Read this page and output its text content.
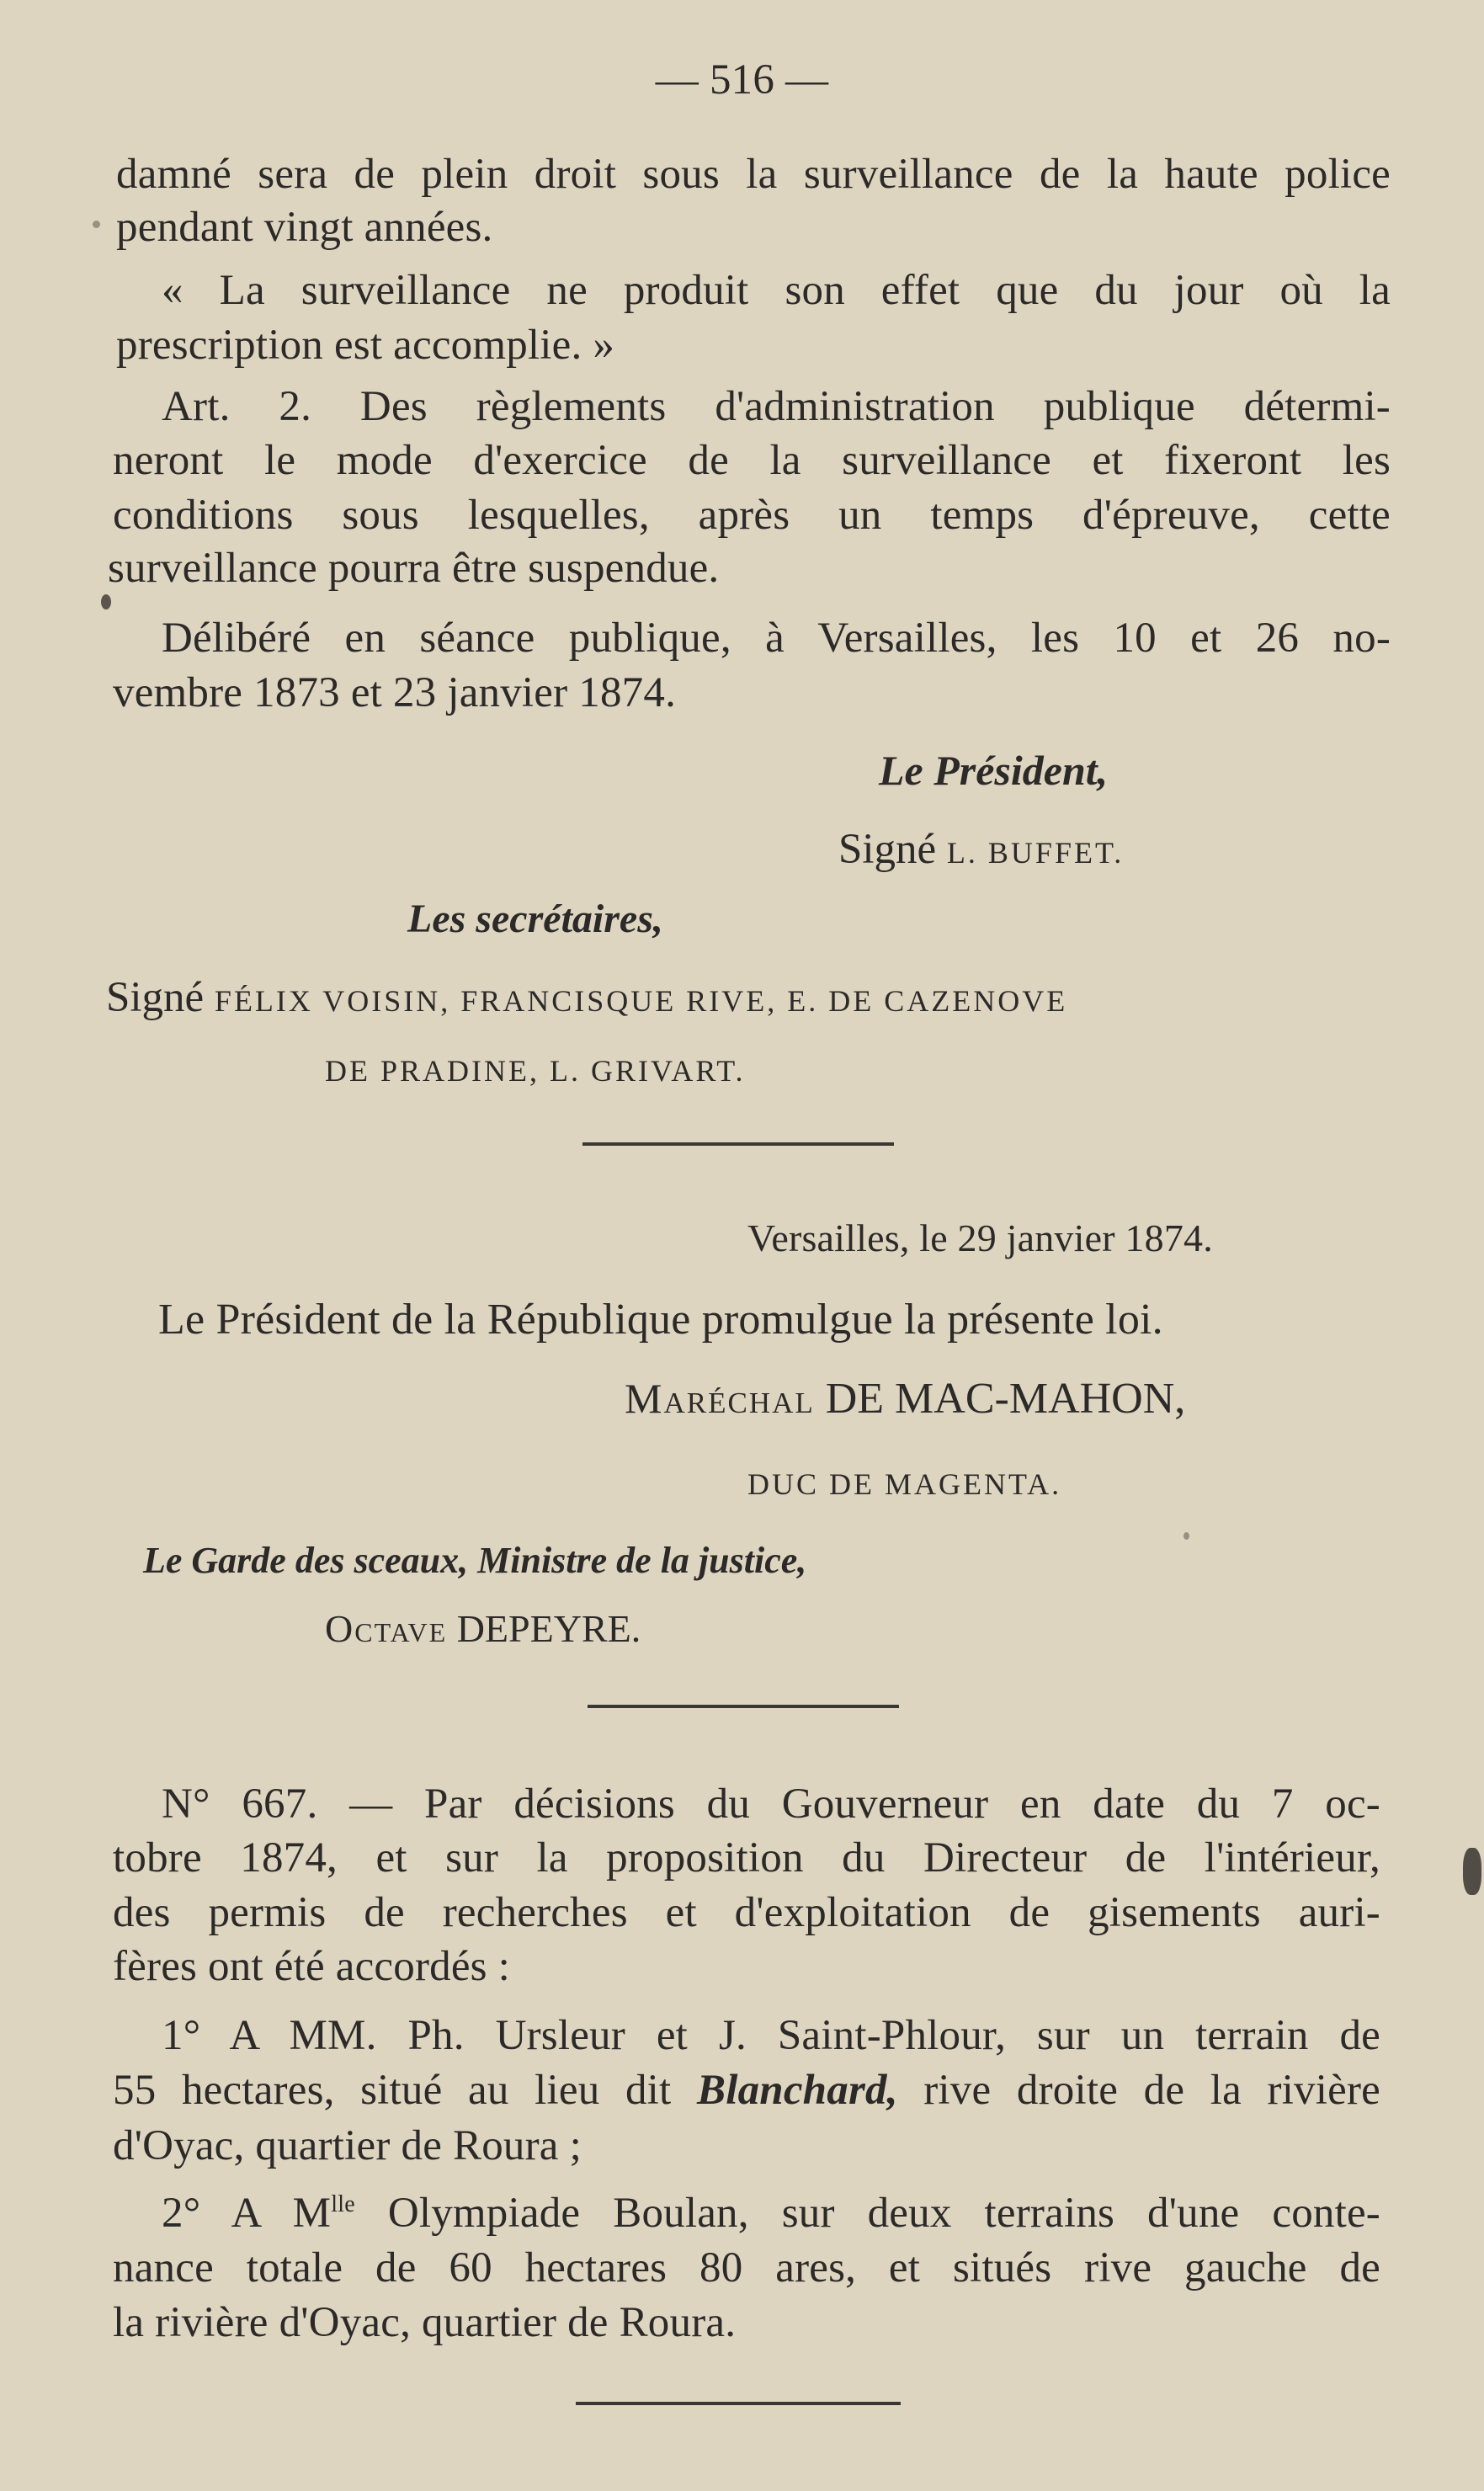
— 516 —
damné sera de plein droit sous la surveillance de la haute police
pendant vingt années.
« La surveillance ne produit son effet que du jour où la
prescription est accomplie. »
Art. 2. Des règlements d'administration publique détermi-
neront le mode d'exercice de la surveillance et fixeront les
conditions sous lesquelles, après un temps d'épreuve, cette
surveillance pourra être suspendue.
Délibéré en séance publique, à Versailles, les 10 et 26 no-
vembre 1873 et 23 janvier 1874.
Le Président,
Signé L. BUFFET.
Les secrétaires,
Signé FÉLIX VOISIN, FRANCISQUE RIVE, E. DE CAZENOVE
DE PRADINE, L. GRIVART.
Versailles, le 29 janvier 1874.
Le Président de la République promulgue la présente loi.
Maréchal DE MAC-MAHON,
DUC DE MAGENTA.
Le Garde des sceaux, Ministre de la justice,
Octave DEPEYRE.
N° 667. — Par décisions du Gouverneur en date du 7 oc-
tobre 1874, et sur la proposition du Directeur de l'intérieur,
des permis de recherches et d'exploitation de gisements auri-
fères ont été accordés :
1° A MM. Ph. Ursleur et J. Saint-Phlour, sur un terrain de
55 hectares, situé au lieu dit Blanchard, rive droite de la rivière
d'Oyac, quartier de Roura ;
2° A $M^{lle}$ Olympiade Boulan, sur deux terrains d'une conte-
nance totale de 60 hectares 80 ares, et situés rive gauche de
la rivière d'Oyac, quartier de Roura.
